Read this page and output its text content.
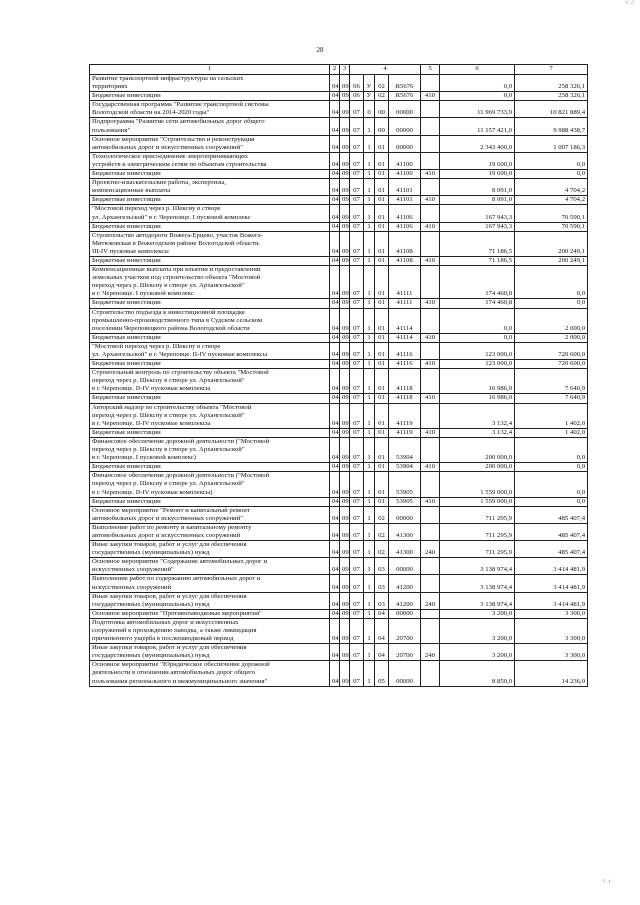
ч. 2
28
1	2	3	4				5	6	7

Развитие транспортной инфраструктуры на сельских
территориях	04	09	06	У	02	R5676		0,0	258 326,1

Бюджетные инвестиции	04	09	06	У	02	R5676	410	0,0	258 326,1

Государственная программа "Развитие транспортной системы
Вологодской области на 2014-2020 годы"	04	09	07	0	00	00000		11 969 733,9	10 821 889,4

Подпрограмма "Развитие сети автомобильных дорог общего
пользования"	04	09	07	1	00	00000		11 157 421,0	9 988 438,7

Основное мероприятие "Строительство и реконструкция
автомобильных дорог и искусственных сооружений"	04	09	07	1	01	00000		2 343 400,0	1 007 186,3

Технологическое присоединение энергопринимающих
устройств к электрическим сетям по объектам строительства	04	09	07	1	01	41100		19 600,0	0,0

Бюджетные инвестиции	04	09	07	1	01	41100	410	19 600,0	0,0

Проектно-изыскательские работы, экспертизы,
компенсационные выплаты	04	09	07	1	01	41101		8 091,0	4 704,2

Бюджетные инвестиции	04	09	07	1	01	41101	410	8 091,0	4 704,2

"Мостовой переход через р. Шексну в створе
ул. Архангельской" в г. Череповце. I пусковой комплекс	04	09	07	1	01	41106		167 943,3	70 590,1

Бюджетные инвестиции	04	09	07	1	01	41106	410	167 943,3	70 590,1

Строительство автодороги Вожега-Ерцево, участок Вожега-
Митюковская в Вожегодском районе Вологодской области.
III-IV пусковые комплексы	04	09	07	1	01	41108		71 186,5	200 249,1

Бюджетные инвестиции	04	09	07	1	01	41108	410	71 186,5	200 249,1

Компенсационные выплаты при изъятии и предоставлении
земельных участков под строительство объекта "Мостовой
переход через р. Шексну в створе ул. Архангельской"
в г. Череповце. I пусковой комплекс	04	09	07	1	01	41111		174 460,8	0,0

Бюджетные инвестиции	04	09	07	1	01	41111	410	174 460,8	0,0

Строительство подъезда к инвестиционной площадке
промышленно-производственного типа в Судском сельском
поселении Череповецкого района Вологодской области	04	09	07	1	01	41114		0,0	2 000,0

Бюджетные инвестиции	04	09	07	1	01	41114	410	0,0	2 000,0

"Мостовой переход через р. Шексну в створе
ул. Архангельской" в г. Череповце. II-IV пусковые комплексы	04	09	07	1	01	41116		123 000,0	720 600,0

Бюджетные инвестиции	04	09	07	1	01	41116	410	123 000,0	720 600,0

Строительный контроль по строительству объекта "Мостовой
переход через р. Шексну в створе ул. Архангельской"
в г. Череповце. II-IV пусковые комплексы	04	09	07	1	01	41118		16 986,0	7 640,9

Бюджетные инвестиции	04	09	07	1	01	41118	410	16 986,0	7 640,9

Авторский надзор по строительству объекта "Мостовой
переход через р. Шексну в створе ул. Архангельской"
в г. Череповце. II-IV пусковые комплексы	04	09	07	1	01	41119		3 132,4	1 402,0

Бюджетные инвестиции	04	09	07	1	01	41119	410	3 132,4	1 402,0

Финансовое обеспечение дорожной деятельности ("Мостовой
переход через р. Шексну в створе ул. Архангельской"
в г. Череповце. I пусковой комплекс)	04	09	07	1	01	53904		200 000,0	0,0

Бюджетные инвестиции	04	09	07	1	01	53904	410	200 000,0	0,0

Финансовое обеспечение дорожной деятельности ("Мостовой
переход через р. Шексну в створе ул. Архангельской"
в г. Череповце. II-IV пусковые комплексы)	04	09	07	1	01	53905		1 559 000,0	0,0

Бюджетные инвестиции	04	09	07	1	01	53905	410	1 559 000,0	0,0

Основное мероприятие "Ремонт и капитальный ремонт
автомобильных дорог и искусственных сооружений"	04	09	07	1	02	00000		711 295,9	485 407,4

Выполнение работ по ремонту и капитальному ремонту
автомобильных дорог и искусственных сооружений	04	09	07	1	02	41300		711 295,9	485 407,4

Иные закупки товаров, работ и услуг для обеспечения
государственных (муниципальных) нужд	04	09	07	1	02	41300	240	711 295,9	485 407,4

Основное мероприятие "Содержание автомобильных дорог и
искусственных сооружений"	04	09	07	1	03	00000		3 138 974,4	3 414 481,9

Выполнение работ по содержанию автомобильных дорог и
искусственных сооружений	04	09	07	1	03	41200		3 138 974,4	3 414 481,9

Иные закупки товаров, работ и услуг для обеспечения
государственных (муниципальных) нужд	04	09	07	1	03	41200	240	3 138 974,4	3 414 481,9

Основное мероприятие "Противопаводковые мероприятия"	04	09	07	1	04	00000		3 200,0	3 300,0

Подготовка автомобильных дорог и искусственных
сооружений к прохождению паводка, а также ликвидация
причиненного ущерба в послепаводковый период	04	09	07	1	04	20700		3 200,0	3 300,0

Иные закупки товаров, работ и услуг для обеспечения
государственных (муниципальных) нужд	04	09	07	1	04	20700	240	3 200,0	3 300,0

Основное мероприятие "Юридическое обеспечение дорожной
деятельности в отношении автомобильных дорог общего
пользования регионального и межмуниципального значения"	04	09	07	1	05	00000		8 850,0	14 236,0
Т. 4
